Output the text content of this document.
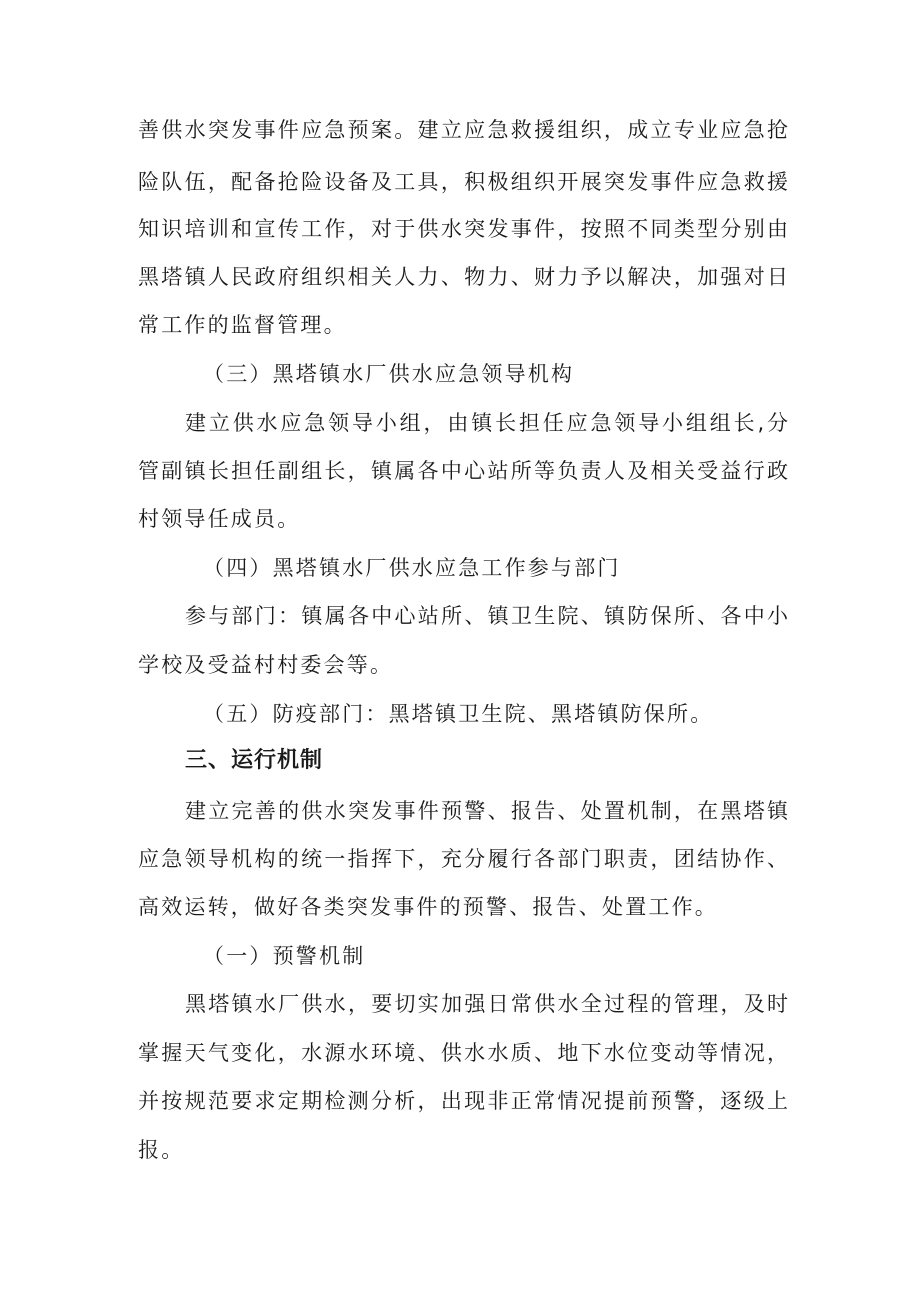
善供水突发事件应急预案。建立应急救援组织，成立专业应急抢
险队伍，配备抢险设备及工具，积极组织开展突发事件应急救援
知识培训和宣传工作，对于供水突发事件，按照不同类型分别由
黑塔镇人民政府组织相关人力、物力、财力予以解决，加强对日
常工作的监督管理。
（三）黑塔镇水厂供水应急领导机构
建立供水应急领导小组，由镇长担任应急领导小组组长,分
管副镇长担任副组长，镇属各中心站所等负责人及相关受益行政
村领导任成员。
（四）黑塔镇水厂供水应急工作参与部门
参与部门：镇属各中心站所、镇卫生院、镇防保所、各中小
学校及受益村村委会等。
（五）防疫部门：黑塔镇卫生院、黑塔镇防保所。
三、运行机制
建立完善的供水突发事件预警、报告、处置机制，在黑塔镇
应急领导机构的统一指挥下，充分履行各部门职责，团结协作、
高效运转，做好各类突发事件的预警、报告、处置工作。
（一）预警机制
黑塔镇水厂供水，要切实加强日常供水全过程的管理，及时
掌握天气变化，水源水环境、供水水质、地下水位变动等情况，
并按规范要求定期检测分析，出现非正常情况提前预警，逐级上
报。
